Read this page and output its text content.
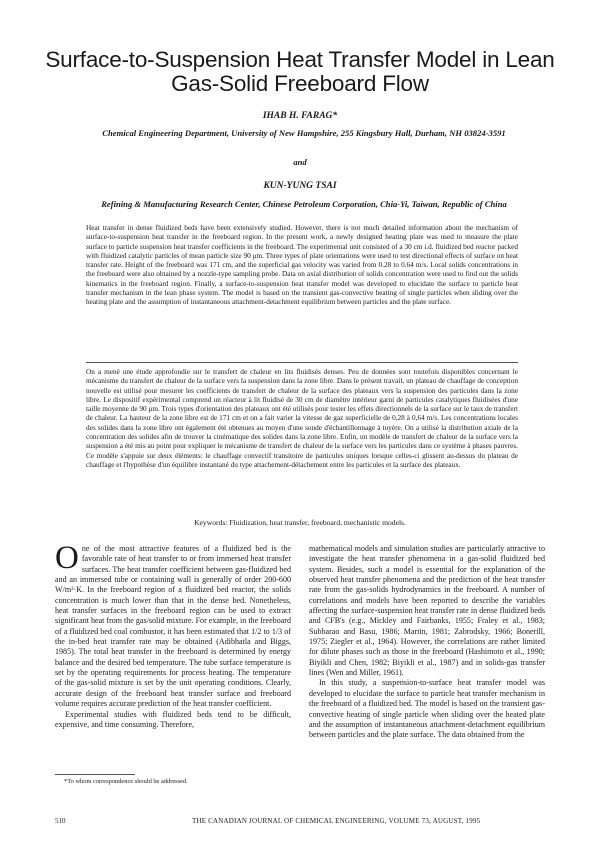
Surface-to-Suspension Heat Transfer Model in Lean Gas-Solid Freeboard Flow
IHAB H. FARAG*
Chemical Engineering Department, University of New Hampshire, 255 Kingsbury Hall, Durham, NH 03824-3591
and
KUN-YUNG TSAI
Refining & Manufacturing Research Center, Chinese Petroleum Corporation, Chia-Yi, Taiwan, Republic of China
Heat transfer in dense fluidized beds have been extensively studied. However, there is not much detailed information about the mechanism of surface-to-suspension heat transfer in the freeboard region. In the present work, a newly designed heating plate was used to measure the plate surface to particle suspension heat transfer coefficients in the freeboard. The experimental unit consisted of a 30 cm i.d. fluidized bed reactor packed with fluidized catalytic particles of mean particle size 90 μm. Three types of plate orientations were used to test directional effects of surface on heat transfer rate. Height of the freeboard was 171 cm, and the superficial gas velocity was varied from 0.28 to 0.64 m/s. Local solids concentrations in the freeboard were also obtained by a nozzle-type sampling probe. Data on axial distribution of solids concentration were used to find out the solids kinematics in the freeboard region. Finally, a surface-to-suspension heat transfer model was developed to elucidate the surface to particle heat transfer mechanism in the lean phase system. The model is based on the transient gas-convective heating of single particles when sliding over the heating plate and the assumption of instantaneous attachment-detachment equilibrium between particles and the plate surface.
On a mené une étude approfondie sur le transfert de chaleur en lits fluidisés denses. Peu de données sont toutefois disponibles concernant le mécanisme du transfert de chaleur de la surface vers la suspension dans la zone libre. Dans le présent travail, un plateau de chauffage de conception nouvelle est utilisé pour mesurer les coefficients de transfert de chaleur de la surface des plateaux vers la suspension des particules dans la zone libre. Le dispositif expérimental comprend un réacteur à lit fluidisé de 30 cm de diamètre intérieur garni de particules catalytiques fluidisées d'une taille moyenne de 90 μm. Trois types d'orientation des plateaux ont été utilisés pour tester les effets directionnels de la surface sur le taux de transfert de chaleur. La hauteur de la zone libre est de 171 cm et on a fait varier la vitesse de gaz superficielle de 0,28 à 0,64 m/s. Les concentrations locales des solides dans la zone libre ont également été obtenues au moyen d'une sonde d'échantillonnage à tuyère. On a utilisé la distribution axiale de la concentration des solides afin de trouver la cinématique des solides dans la zone libre. Enfin, un modèle de transfert de chaleur de la surface vers la suspension a été mis au point pour expliquer le mécanisme de transfert de chaleur de la surface vers les particules dans ce système à phases pauvres. Ce modèle s'appuie sur deux éléments: le chauffage convectif transitoire de particules uniques lorsque celles-ci glissent au-dessus du plateau de chauffage et l'hypothèse d'un équilibre instantané du type attachement-détachement entre les particules et la surface des plateaux.
Keywords: Fluidization, heat transfer, freeboard, mechanistic models.

One of the most attractive features of a fluidized bed is the favorable rate of heat transfer to or from immersed heat transfer surfaces. The heat transfer coefficient between gas-fluidized bed and an immersed tube or containing wall is generally of order 200-600 W/m²·K. In the freeboard region of a fluidized bed reactor, the solids concentration is much lower than that in the dense bed. Nonetheless, heat transfer surfaces in the freeboard region can be used to extract significant heat from the gas/solid mixture. For example, in the freeboard of a fluidized bed coal combustor, it has been estimated that 1/2 to 1/3 of the in-bed heat transfer rate may be obtained (Adibhatla and Biggs, 1985). The total heat transfer in the freeboard is determined by energy balance and the desired bed temperature. The tube surface temperature is set by the operating requirements for process heating. The temperature of the gas-solid mixture is set by the unit operating conditions. Clearly, accurate design of the freeboard heat transfer surface and freeboard volume requires accurate prediction of the heat transfer coefficient.

Experimental studies with fluidized beds tend to be difficult, expensive, and time consuming. Therefore,

mathematical models and simulation studies are particularly attractive to investigate the heat transfer phenomena in a gas-solid fluidized bed system. Besides, such a model is essential for the explanation of the observed heat transfer phenomena and the prediction of the heat transfer rate from the gas-solids hydrodynamics in the freeboard. A number of correlations and models have been reported to describe the variables affecting the surface-suspension heat transfer rate in dense fluidized beds and CFB's (e.g., Mickley and Fairbanks, 1955; Fraley et al., 1983; Subbarao and Basu, 1986; Martin, 1981; Zabrodsky, 1966; Bonerill, 1975; Ziegler et al., 1964). However, the correlations are rather limited for dilute phases such as those in the freeboard (Hashimoto et al., 1990; Biyikli and Chen, 1982; Biyikli et al., 1987) and in solids-gas transfer lines (Wen and Miller, 1961).

In this study, a suspension-to-surface heat transfer model was developed to elucidate the surface to particle heat transfer mechanism in the freeboard of a fluidized bed. The model is based on the transient gas-convective heating of single particle when sliding over the heated plate and the assumption of instantaneous attachment-detachment equilibrium between particles and the plate surface. The data obtained from the

*To whom correspondence should be addressed.
510	THE CANADIAN JOURNAL OF CHEMICAL ENGINEERING, VOLUME 73, AUGUST, 1995
